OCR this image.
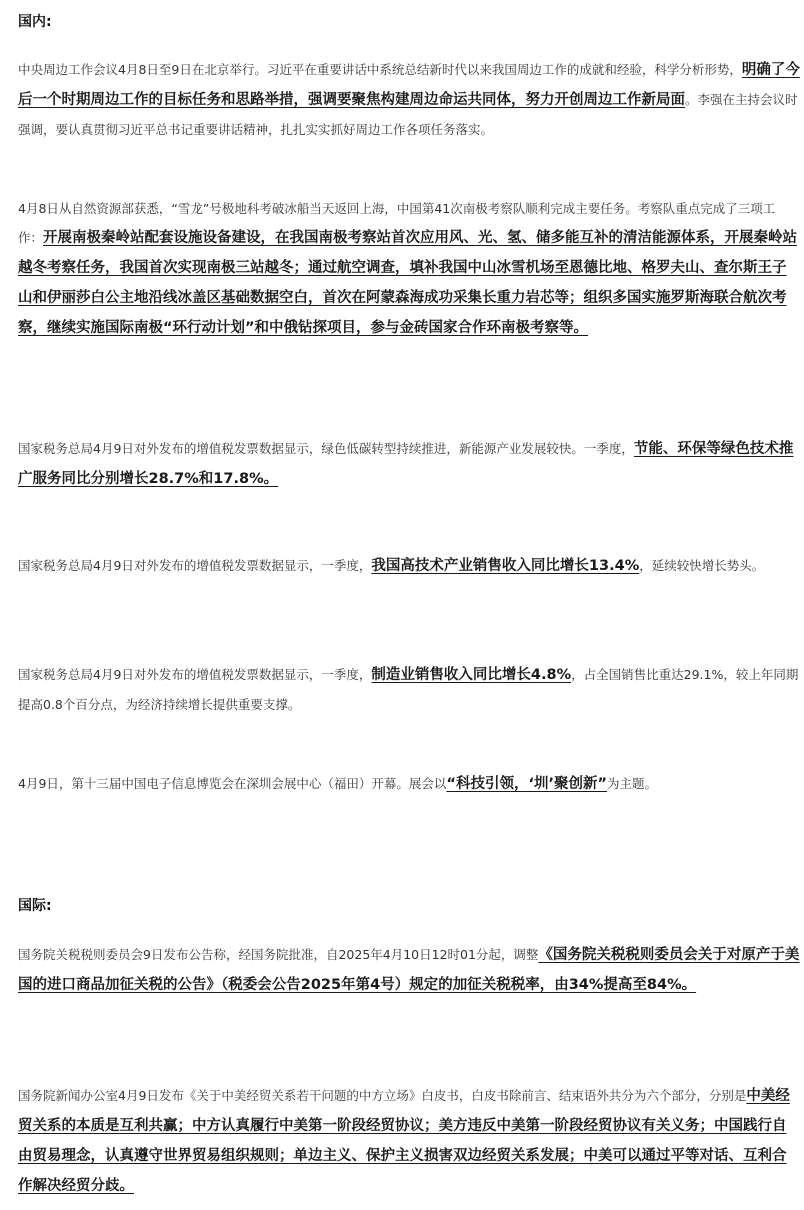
国内:

中央周边工作会议4月8日至9日在北京举行。习近平在重要讲话中系统总结新时代以来我国周边工作的成就和经验，科学分析形势，明确了今后一个时期周边工作的目标任务和思路举措，强调要聚焦构建周边命运共同体，努力开创周边工作新局面。李强在主持会议时强调，要认真贯彻习近平总书记重要讲话精神，扎扎实实抓好周边工作各项任务落实。

4月8日从自然资源部获悉，“雪龙”号极地科考破冰船当天返回上海，中国第41次南极考察队顺利完成主要任务。考察队重点完成了三项工作：开展南极秦岭站配套设施设备建设，在我国南极考察站首次应用风、光、氢、储多能互补的清洁能源体系，开展秦岭站越冬考察任务，我国首次实现南极三站越冬；通过航空调查，填补我国中山冰雪机场至恩德比地、格罗夫山、查尔斯王子山和伊丽莎白公主地沿线冰盖区基础数据空白，首次在阿蒙森海成功采集长重力岩芯等；组织多国实施罗斯海联合航次考察，继续实施国际南极“环行动计划”和中俄钻探项目，参与金砖国家合作环南极考察等。

国家税务总局4月9日对外发布的增值税发票数据显示，绿色低碳转型持续推进，新能源产业发展较快。一季度，节能、环保等绿色技术推广服务同比分别增长28.7%和17.8%。

国家税务总局4月9日对外发布的增值税发票数据显示，一季度，我国高技术产业销售收入同比增长13.4%，延续较快增长势头。

国家税务总局4月9日对外发布的增值税发票数据显示，一季度，制造业销售收入同比增长4.8%，占全国销售比重达29.1%，较上年同期提高0.8个百分点，为经济持续增长提供重要支撑。

4月9日，第十三届中国电子信息博览会在深圳会展中心（福田）开幕。展会以“科技引领，‘圳’聚创新”为主题。

国际:

国务院关税税则委员会9日发布公告称，经国务院批准，自2025年4月10日12时01分起，调整《国务院关税税则委员会关于对原产于美国的进口商品加征关税的公告》（税委会公告2025年第4号）规定的加征关税税率，由34%提高至84%。

国务院新闻办公室4月9日发布《关于中美经贸关系若干问题的中方立场》白皮书，白皮书除前言、结束语外共分为六个部分，分别是中美经贸关系的本质是互利共赢；中方认真履行中美第一阶段经贸协议；美方违反中美第一阶段经贸协议有关义务；中国践行自由贸易理念，认真遵守世界贸易组织规则；单边主义、保护主义损害双边经贸关系发展；中美可以通过平等对话、互利合作解决经贸分歧。
